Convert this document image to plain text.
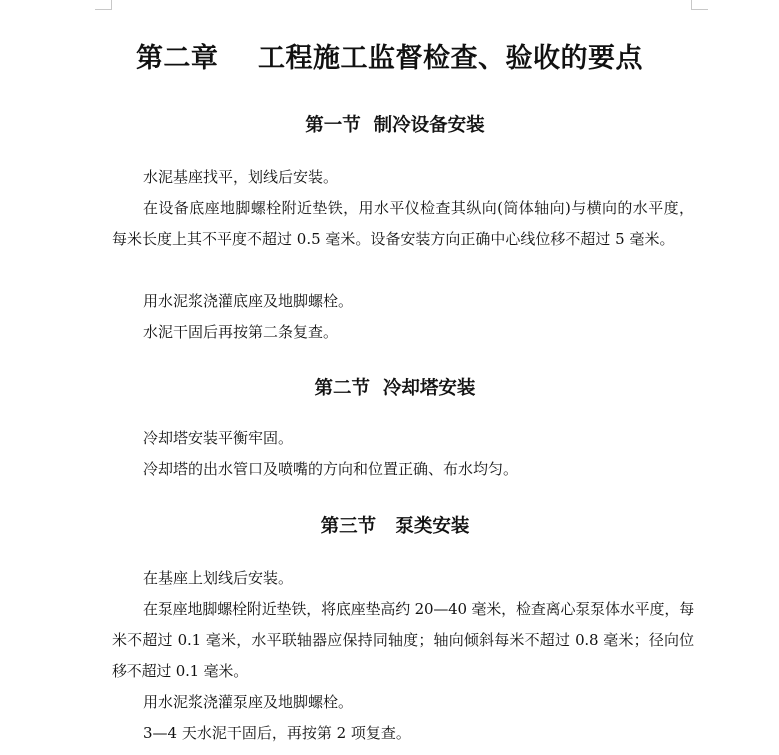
第二章    工程施工监督检查、验收的要点
第一节  制冷设备安装

水泥基座找平，划线后安装。

在设备底座地脚螺栓附近垫铁，用水平仪检查其纵向(筒体轴向)与横向的水平度，每米长度上其不平度不超过 0.5 毫米。设备安装方向正确中心线位移不超过 5 毫米。

用水泥浆浇灌底座及地脚螺栓。

水泥干固后再按第二条复查。

第二节  冷却塔安装

冷却塔安装平衡牢固。

冷却塔的出水管口及喷嘴的方向和位置正确、布水均匀。

第三节   泵类安装

在基座上划线后安装。

在泵座地脚螺栓附近垫铁，将底座垫高约 20—40 毫米，检查离心泵泵体水平度，每米不超过 0.1 毫米，水平联轴器应保持同轴度；轴向倾斜每米不超过 0.8 毫米；径向位移不超过 0.1 毫米。

用水泥浆浇灌泵座及地脚螺栓。

3—4 天水泥干固后，再按第 2 项复查。
